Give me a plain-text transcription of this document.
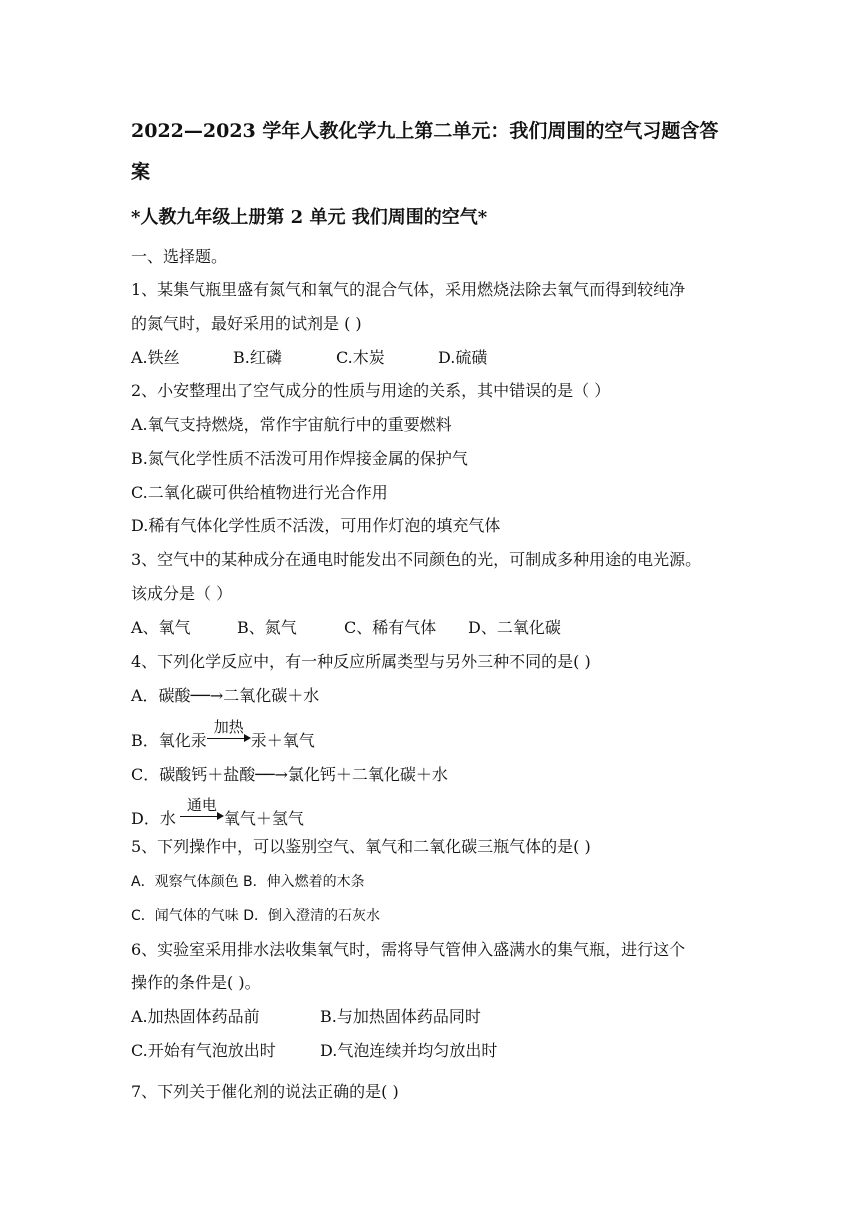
2022—2023 学年人教化学九上第二单元：我们周围的空气习题含答
案
*人教九年级上册第 2 单元 我们周围的空气*
一、选择题。
1、某集气瓶里盛有氮气和氧气的混合气体，采用燃烧法除去氧气而得到较纯净
的氮气时，最好采用的试剂是 ( )
A.铁丝	B.红磷	C.木炭	D.硫磺
2、小安整理出了空气成分的性质与用途的关系，其中错误的是（ ）
A.氧气支持燃烧，常作宇宙航行中的重要燃料
B.氮气化学性质不活泼可用作焊接金属的保护气
C.二氧化碳可供给植物进行光合作用
D.稀有气体化学性质不活泼，可用作灯泡的填充气体
3、空气中的某种成分在通电时能发出不同颜色的光，可制成多种用途的电光源。
该成分是（ ）
A、氧气	B、氮气	C、稀有气体 D、二氧化碳
4、下列化学反应中，有一种反应所属类型与另外三种不同的是( )
A．碳酸──→二氧化碳＋水
B．氧化汞
加热
汞＋氧气
C．碳酸钙＋盐酸──→氯化钙＋二氧化碳＋水
D．水
通电
氧气＋氢气
5、下列操作中，可以鉴别空气、氧气和二氧化碳三瓶气体的是( )
A．观察气体颜色 B．伸入燃着的木条
C．闻气体的气味 D．倒入澄清的石灰水
6、实验室采用排水法收集氧气时，需将导气管伸入盛满水的集气瓶，进行这个
操作的条件是( )。
A.加热固体药品前	B.与加热固体药品同时
C.开始有气泡放出时	D.气泡连续并均匀放出时
7、下列关于催化剂的说法正确的是( )
